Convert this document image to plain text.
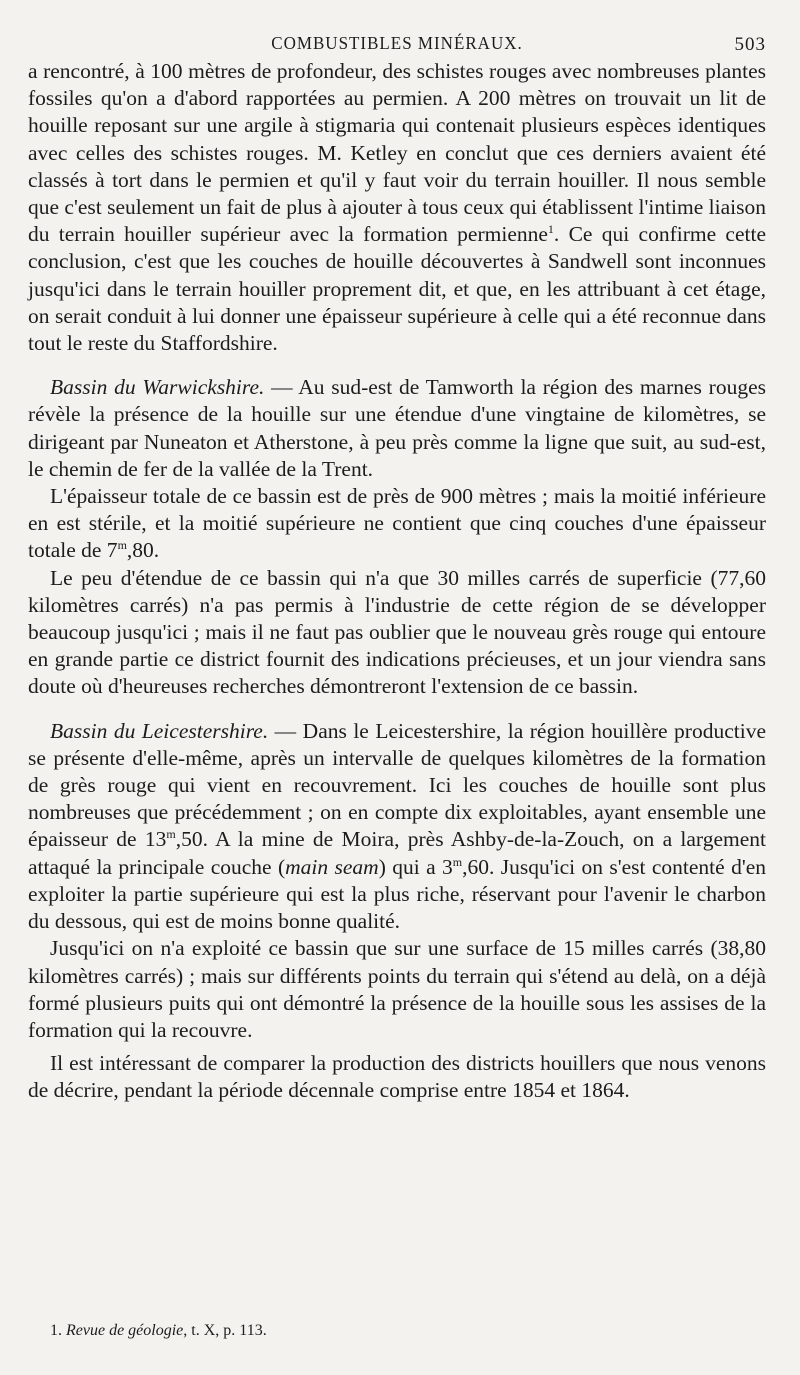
COMBUSTIBLES MINÉRAUX.	503

a rencontré, à 100 mètres de profondeur, des schistes rouges avec nombreuses plantes fossiles qu'on a d'abord rapportées au permien. A 200 mètres on trouvait un lit de houille reposant sur une argile à stigmaria qui contenait plusieurs espèces identiques avec celles des schistes rouges. M. Ketley en conclut que ces derniers avaient été classés à tort dans le permien et qu'il y faut voir du terrain houiller. Il nous semble que c'est seulement un fait de plus à ajouter à tous ceux qui établissent l'intime liaison du terrain houiller supérieur avec la formation permienne$^1$. Ce qui confirme cette conclusion, c'est que les couches de houille découvertes à Sandwell sont inconnues jusqu'ici dans le terrain houiller proprement dit, et que, en les attribuant à cet étage, on serait conduit à lui donner une épaisseur supérieure à celle qui a été reconnue dans tout le reste du Staffordshire.

Bassin du Warwickshire. — Au sud-est de Tamworth la région des marnes rouges révèle la présence de la houille sur une étendue d'une vingtaine de kilomètres, se dirigeant par Nuneaton et Atherstone, à peu près comme la ligne que suit, au sud-est, le chemin de fer de la vallée de la Trent.

L'épaisseur totale de ce bassin est de près de 900 mètres ; mais la moitié inférieure en est stérile, et la moitié supérieure ne contient que cinq couches d'une épaisseur totale de 7$^m$,80.

Le peu d'étendue de ce bassin qui n'a que 30 milles carrés de superficie (77,60 kilomètres carrés) n'a pas permis à l'industrie de cette région de se développer beaucoup jusqu'ici ; mais il ne faut pas oublier que le nouveau grès rouge qui entoure en grande partie ce district fournit des indications précieuses, et un jour viendra sans doute où d'heureuses recherches démontreront l'extension de ce bassin.

Bassin du Leicestershire. — Dans le Leicestershire, la région houillère productive se présente d'elle-même, après un intervalle de quelques kilomètres de la formation de grès rouge qui vient en recouvrement. Ici les couches de houille sont plus nombreuses que précédemment ; on en compte dix exploitables, ayant ensemble une épaisseur de 13$^m$,50. A la mine de Moira, près Ashby-de-la-Zouch, on a largement attaqué la principale couche (main seam) qui a 3$^m$,60. Jusqu'ici on s'est contenté d'en exploiter la partie supérieure qui est la plus riche, réservant pour l'avenir le charbon du dessous, qui est de moins bonne qualité.

Jusqu'ici on n'a exploité ce bassin que sur une surface de 15 milles carrés (38,80 kilomètres carrés) ; mais sur différents points du terrain qui s'étend au delà, on a déjà formé plusieurs puits qui ont démontré la présence de la houille sous les assises de la formation qui la recouvre.

Il est intéressant de comparer la production des districts houillers que nous venons de décrire, pendant la période décennale comprise entre 1854 et 1864.

1. Revue de géologie, t. X, p. 113.
